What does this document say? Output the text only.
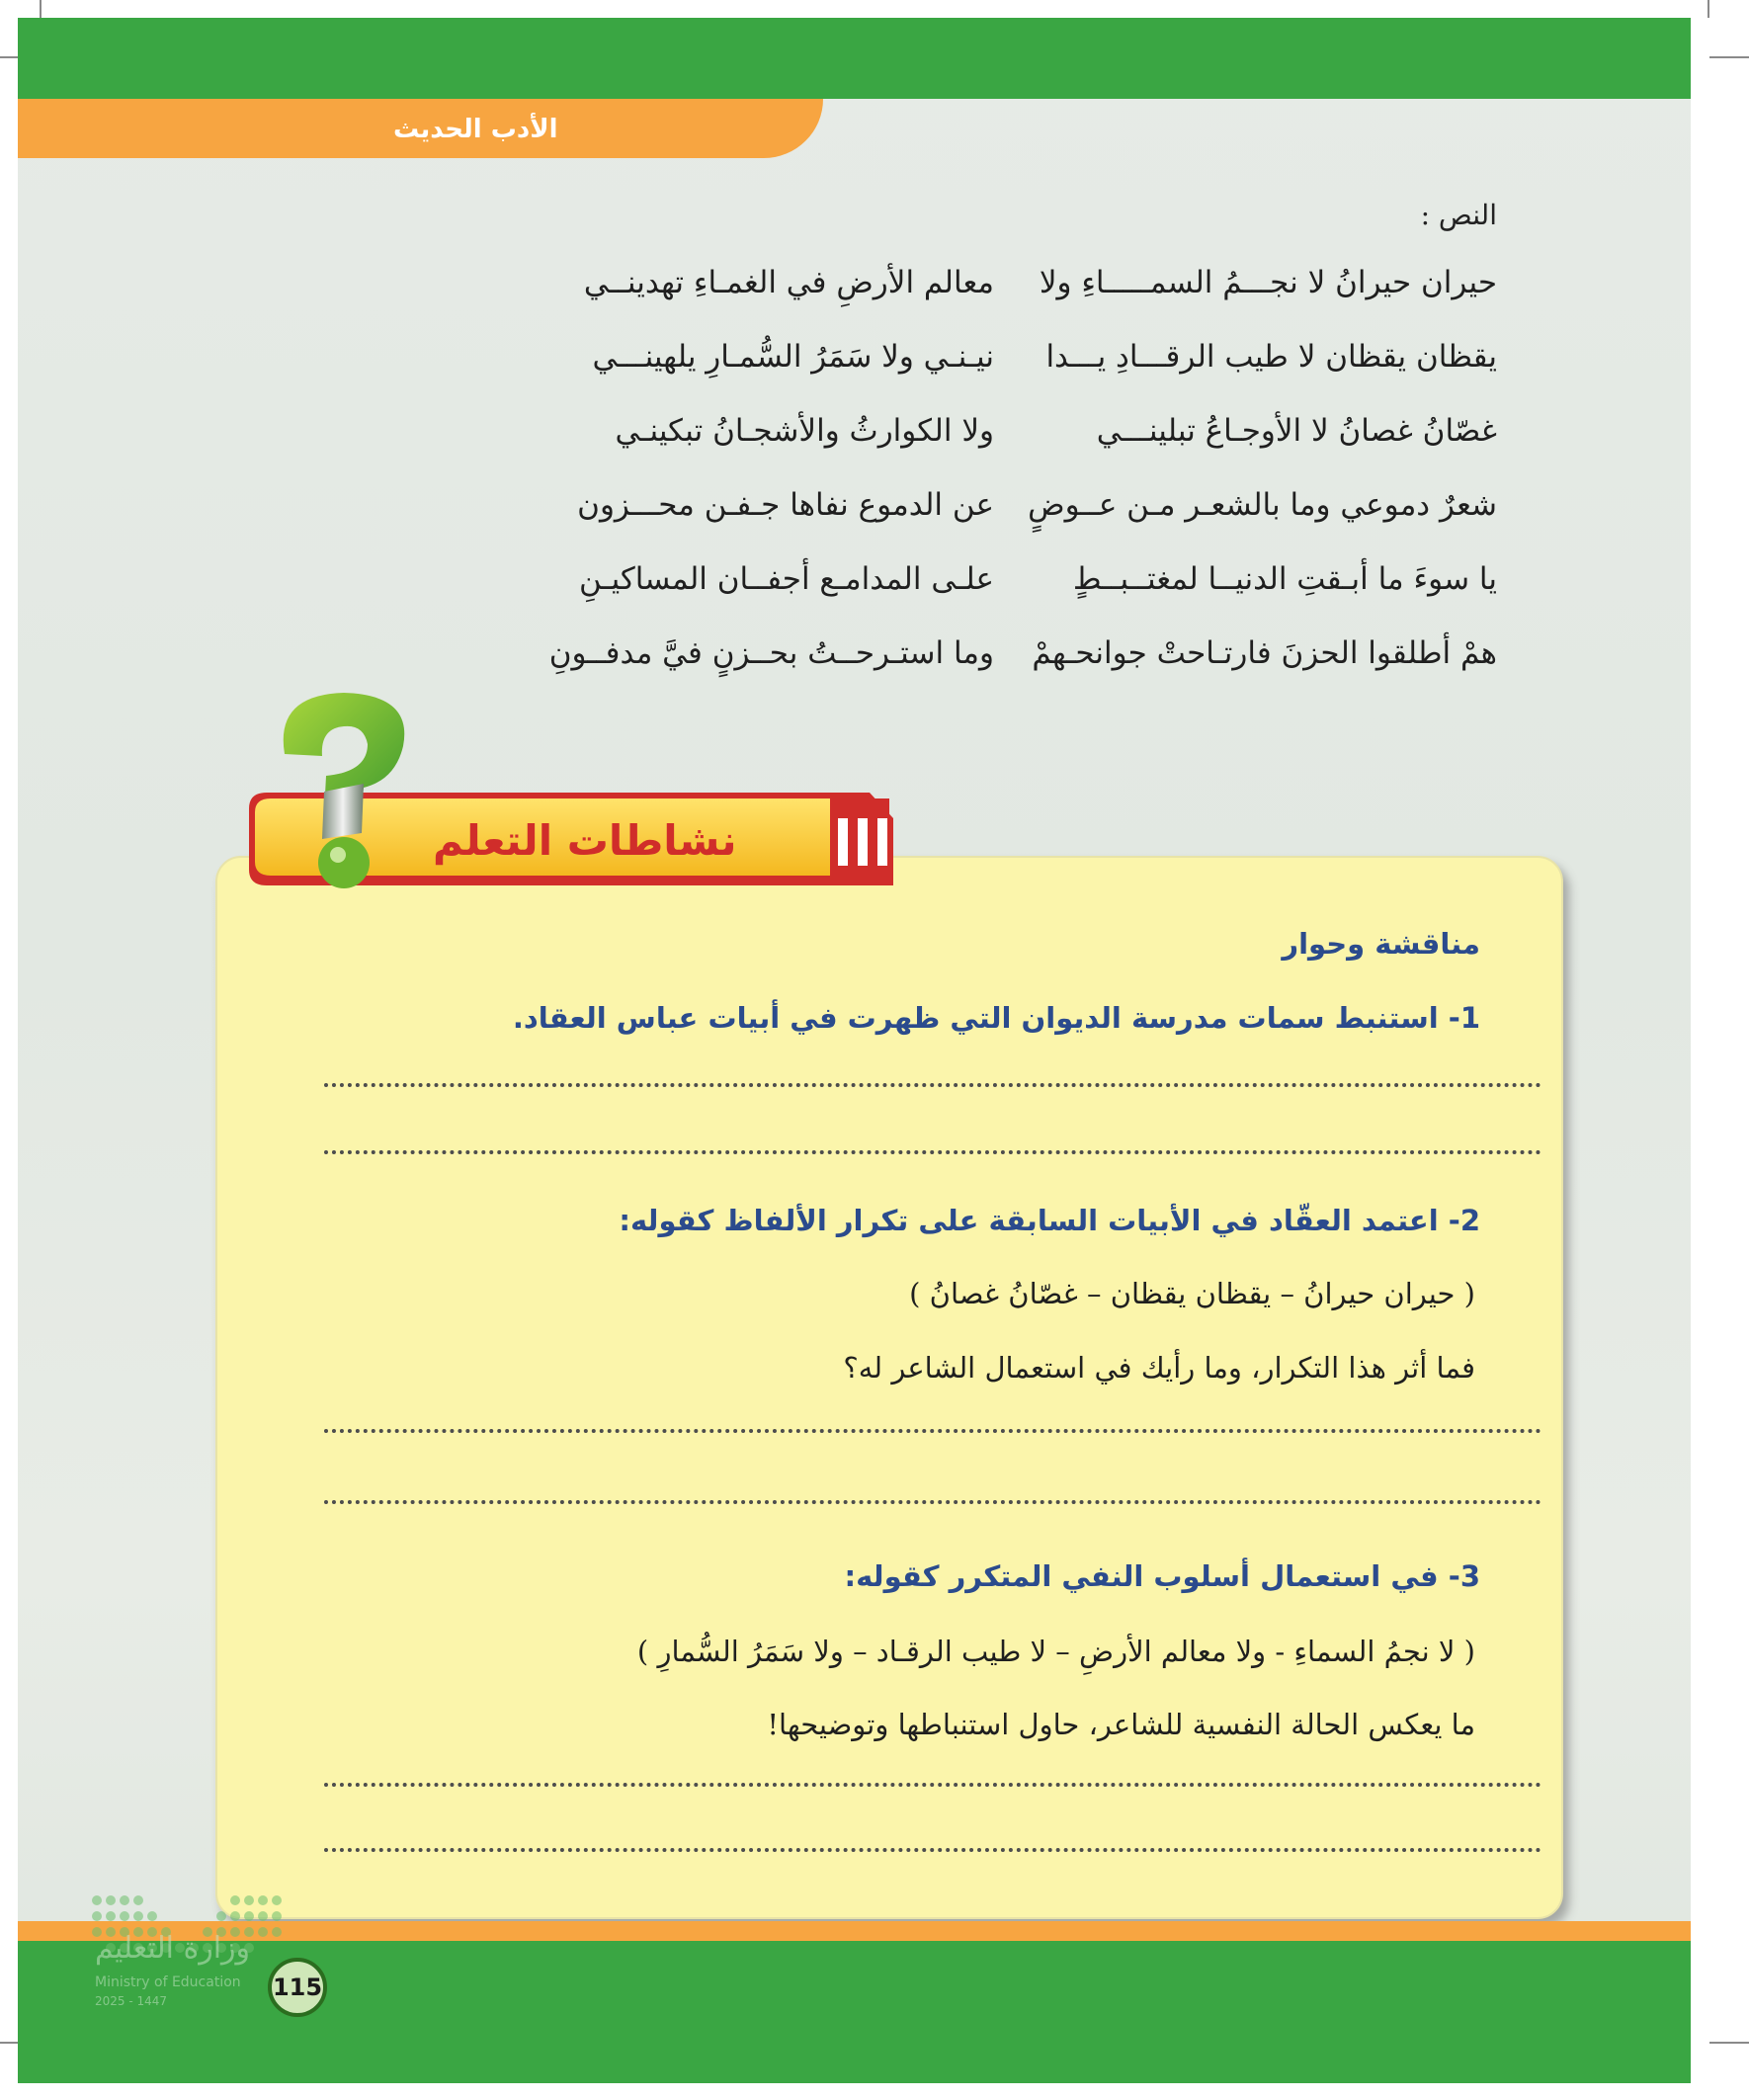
الأدب الحديث
النص :
حيران حيرانُ لا نجـــمُ السمـــــاءِ ولا
معالم الأرضِ في الغمـاءِ تهدينــي
يقظان يقظان لا طيب الرقـــادِ يـــدا
نيـنـي ولا سَمَرُ السُّمـارِ يلهينـــي
غصّانُ غصانُ لا الأوجـاعُ تبلينـــي
ولا الكوارثُ والأشجـانُ تبكينـي
شعرٌ دموعي وما بالشعـر مـن عــوضٍ
عن الدموع نفاها جـفـن محـــزون
يا سوءَ ما أبـقتِ الدنيــا لمغتــبــطٍ
علـى المدامـع أجفــان المساكيـنِ
همْ أطلقوا الحزنَ فارتـاحتْ جوانحـهمْ
وما استـرحــتُ بحــزنٍ فيَّ مدفــونِ
نشاطات التعلم
مناقشة وحوار
1- استنبط سمات مدرسة الديوان التي ظهرت في أبيات عباس العقاد.
2- اعتمد العقّاد في الأبيات السابقة على تكرار الألفاظ كقوله:
( حيران حيرانُ – يقظان يقظان – غصّانُ غصانُ )
فما أثر هذا التكرار، وما رأيك في استعمال الشاعر له؟
3- في استعمال أسلوب النفي المتكرر كقوله:
( لا نجمُ السماءِ - ولا معالم الأرضِ – لا طيب الرقـاد – ولا سَمَرُ السُّمارِ )
ما يعكس الحالة النفسية للشاعر، حاول استنباطها وتوضيحها!
وزارة التعليم
Ministry of Education
2025 - 1447	115
